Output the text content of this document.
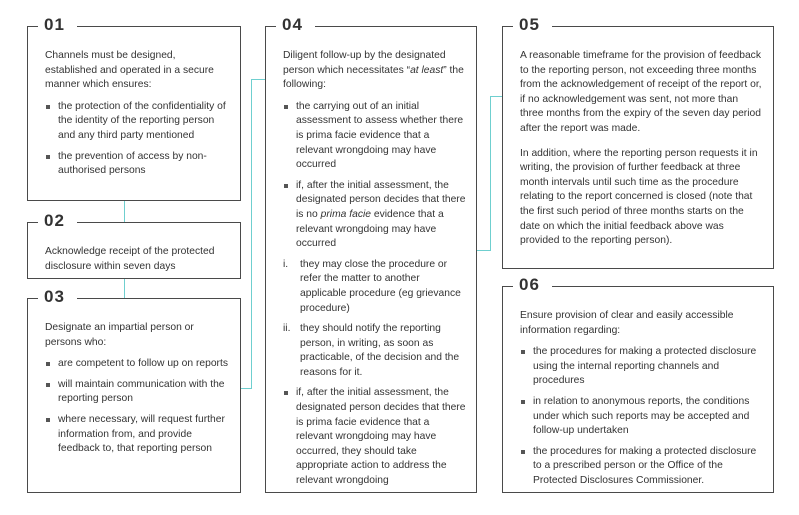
01

Channels must be designed, established and operated in a secure manner which ensures:

the protection of the confidentiality of the identity of the reporting person and any third party mentioned
the prevention of access by non-authorised persons
02

Acknowledge receipt of the protected disclosure within seven days

03

Designate an impartial person or persons who:

are competent to follow up on reports
will maintain communication with the reporting person
where necessary, will request further information from, and provide feedback to, that reporting person
04

Diligent follow-up by the designated person which necessitates “at least” the following:

the carrying out of an initial assessment to assess whether there is prima facie evidence that a relevant wrongdoing may have occurred
if, after the initial assessment, the designated person decides that there is no prima facie evidence that a relevant wrongdoing may have occurred
i. they may close the procedure or refer the matter to another applicable procedure (eg grievance procedure)
ii. they should notify the reporting person, in writing, as soon as practicable, of the decision and the reasons for it.
if, after the initial assessment, the designated person decides that there is prima facie evidence that a relevant wrongdoing may have occurred, they should take appropriate action to address the relevant wrongdoing
05

A reasonable timeframe for the provision of feedback to the reporting person, not exceeding three months from the acknowledgement of receipt of the report or, if no acknowledgement was sent, not more than three months from the expiry of the seven day period after the report was made.

In addition, where the reporting person requests it in writing, the provision of further feedback at three month intervals until such time as the procedure relating to the report concerned is closed (note that the first such period of three months starts on the date on which the initial feedback above was provided to the reporting person).

06

Ensure provision of clear and easily accessible information regarding:

the procedures for making a protected disclosure using the internal reporting channels and procedures
in relation to anonymous reports, the conditions under which such reports may be accepted and follow-up undertaken
the procedures for making a protected disclosure to a prescribed person or the Office of the Protected Disclosures Commissioner.
